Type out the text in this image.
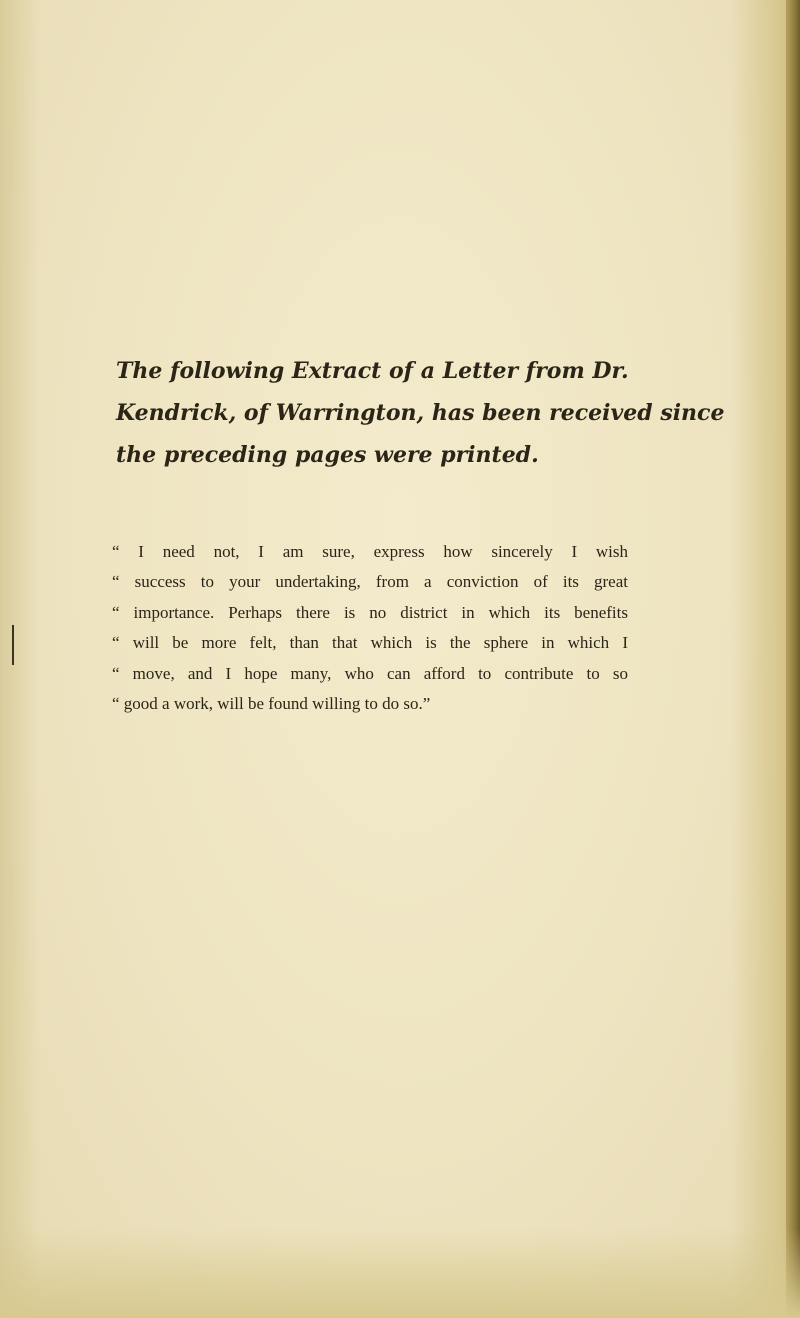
The following Extract of a Letter from Dr.
Kendrick, of Warrington, has been received since
the preceding pages were printed.
“ I need not, I am sure, express how sincerely I wish
“ success to your undertaking, from a conviction of its great
“ importance. Perhaps there is no district in which its benefits
“ will be more felt, than that which is the sphere in which I
“ move, and I hope many, who can afford to contribute to so
“ good a work, will be found willing to do so.”
